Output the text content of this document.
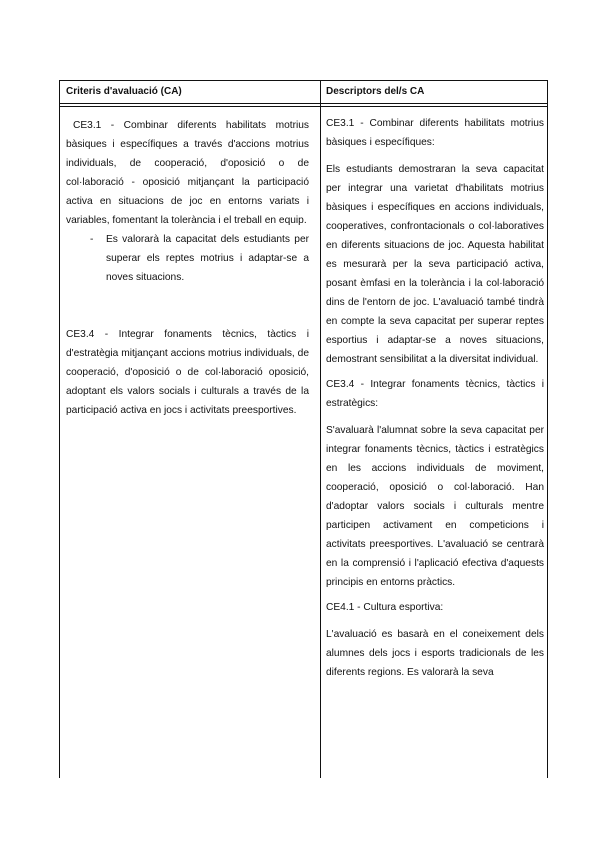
Criteris d'avaluació (CA)	Descriptors del/s CA

CE3.1 - Combinar diferents habilitats motrius bàsiques i específiques a través d'accions motrius individuals, de cooperació, d'oposició o de col·laboració - oposició mitjançant la participació activa en situacions de joc en entorns variats i variables, fomentant la tolerància i el treball en equip.

- Es valorarà la capacitat dels estudiants per superar els reptes motrius i adaptar-se a noves situacions.

CE3.4 - Integrar fonaments tècnics, tàctics i d'estratègia mitjançant accions motrius individuals, de cooperació, d'oposició o de col·laboració oposició, adoptant els valors socials i culturals a través de la participació activa en jocs i activitats preesportives.

CE3.1 - Combinar diferents habilitats motrius bàsiques i específiques:

Els estudiants demostraran la seva capacitat per integrar una varietat d'habilitats motrius bàsiques i específiques en accions individuals, cooperatives, confrontacionals o col·laboratives en diferents situacions de joc. Aquesta habilitat es mesurarà per la seva participació activa, posant èmfasi en la tolerància i la col·laboració dins de l'entorn de joc. L'avaluació també tindrà en compte la seva capacitat per superar reptes esportius i adaptar-se a noves situacions, demostrant sensibilitat a la diversitat individual.

CE3.4 - Integrar fonaments tècnics, tàctics i estratègics:

S'avaluarà l'alumnat sobre la seva capacitat per integrar fonaments tècnics, tàctics i estratègics en les accions individuals de moviment, cooperació, oposició o col·laboració. Han d'adoptar valors socials i culturals mentre participen activament en competicions i activitats preesportives. L'avaluació se centrarà en la comprensió i l'aplicació efectiva d'aquests principis en entorns pràctics.

CE4.1 - Cultura esportiva:

L'avaluació es basarà en el coneixement dels alumnes dels jocs i esports tradicionals de les diferents regions. Es valorarà la seva
